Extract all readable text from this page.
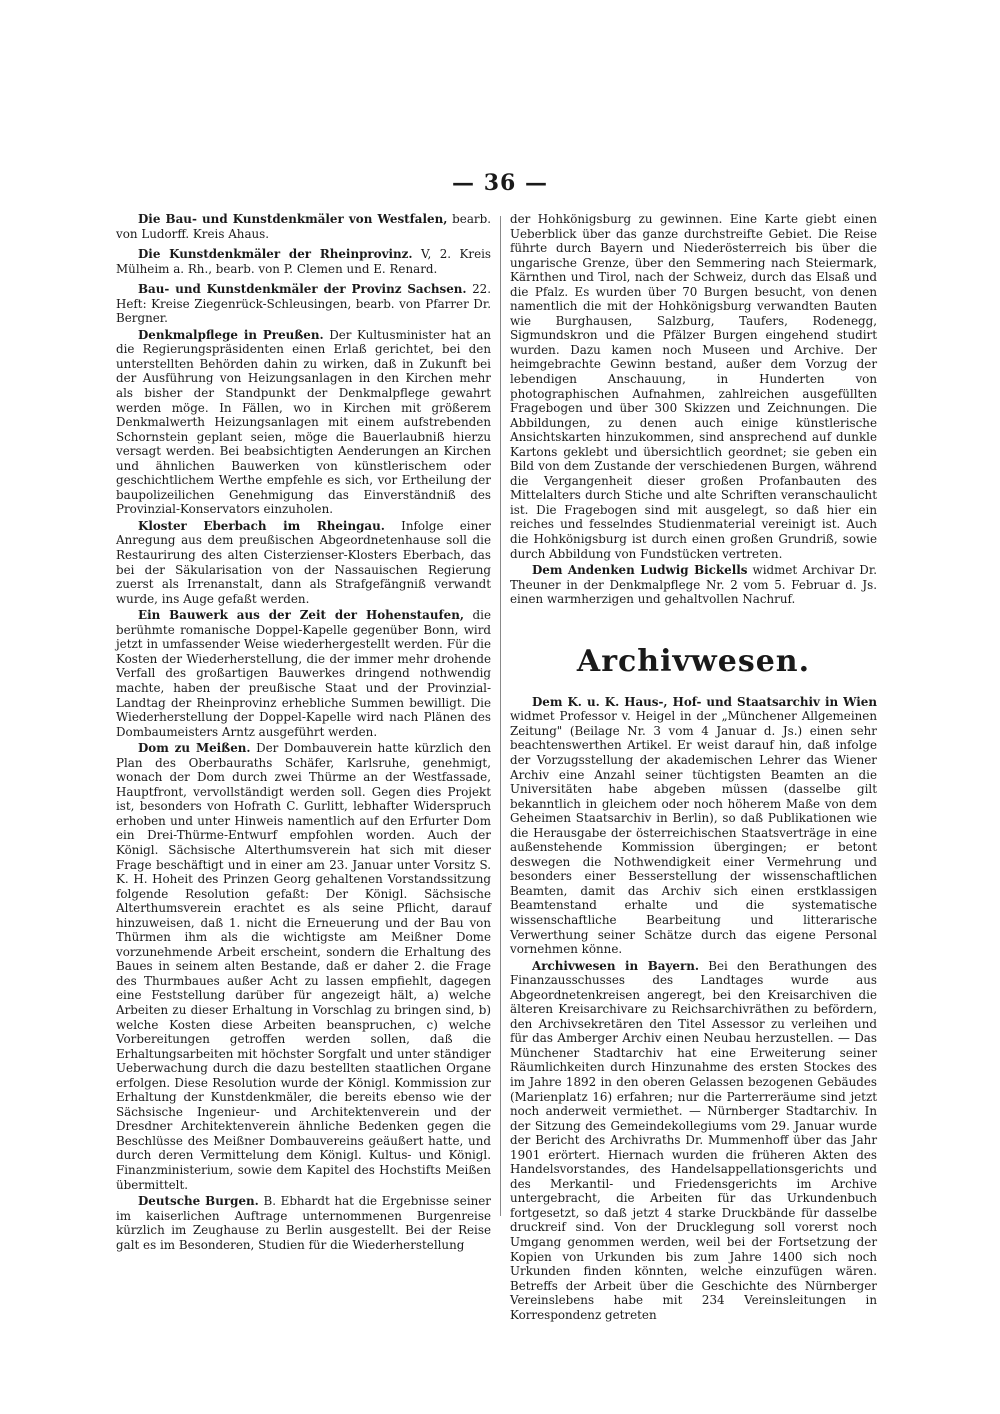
— 36 —

Die Bau- und Kunstdenkmäler von Westfalen, bearb. von Ludorff. Kreis Ahaus.

Die Kunstdenkmäler der Rheinprovinz. V, 2. Kreis Mülheim a. Rh., bearb. von P. Clemen und E. Renard.

Bau- und Kunstdenkmäler der Provinz Sachsen. 22. Heft: Kreise Ziegenrück-Schleusingen, bearb. von Pfarrer Dr. Bergner.

Denkmalpflege in Preußen. Der Kultusminister hat an die Regierungspräsidenten einen Erlaß gerichtet, bei den unterstellten Behörden dahin zu wirken, daß in Zukunft bei der Ausführung von Heizungsanlagen in den Kirchen mehr als bisher der Standpunkt der Denkmalpflege gewahrt werden möge. In Fällen, wo in Kirchen mit größerem Denkmalwerth Heizungsanlagen mit einem aufstrebenden Schornstein geplant seien, möge die Bauerlaubniß hierzu versagt werden. Bei beabsichtigten Aenderungen an Kirchen und ähnlichen Bauwerken von künstlerischem oder geschichtlichem Werthe empfehle es sich, vor Ertheilung der baupolizeilichen Genehmigung das Einverständniß des Provinzial-Konservators einzuholen.

Kloster Eberbach im Rheingau. Infolge einer Anregung aus dem preußischen Abgeordnetenhause soll die Restaurirung des alten Cisterzienser-Klosters Eberbach, das bei der Säkularisation von der Nassauischen Regierung zuerst als Irrenanstalt, dann als Strafgefängniß verwandt wurde, ins Auge gefaßt werden.

Ein Bauwerk aus der Zeit der Hohenstaufen, die berühmte romanische Doppel-Kapelle gegenüber Bonn, wird jetzt in umfassender Weise wiederhergestellt werden. Für die Kosten der Wiederherstellung, die der immer mehr drohende Verfall des großartigen Bauwerkes dringend nothwendig machte, haben der preußische Staat und der Provinzial-Landtag der Rheinprovinz erhebliche Summen bewilligt. Die Wiederherstellung der Doppel-Kapelle wird nach Plänen des Dombaumeisters Arntz ausgeführt werden.

Dom zu Meißen. Der Dombauverein hatte kürzlich den Plan des Oberbauraths Schäfer, Karlsruhe, genehmigt, wonach der Dom durch zwei Thürme an der Westfassade, Hauptfront, vervollständigt werden soll. Gegen dies Projekt ist, besonders von Hofrath C. Gurlitt, lebhafter Widerspruch erhoben und unter Hinweis namentlich auf den Erfurter Dom ein Drei-Thürme-Entwurf empfohlen worden. Auch der Königl. Sächsische Alterthumsverein hat sich mit dieser Frage beschäftigt und in einer am 23. Januar unter Vorsitz S. K. H. Hoheit des Prinzen Georg gehaltenen Vorstandssitzung folgende Resolution gefaßt: Der Königl. Sächsische Alterthumsverein erachtet es als seine Pflicht, darauf hinzuweisen, daß 1. nicht die Erneuerung und der Bau von Thürmen ihm als die wichtigste am Meißner Dome vorzunehmende Arbeit erscheint, sondern die Erhaltung des Baues in seinem alten Bestande, daß er daher 2. die Frage des Thurmbaues außer Acht zu lassen empfiehlt, dagegen eine Feststellung darüber für angezeigt hält, a) welche Arbeiten zu dieser Erhaltung in Vorschlag zu bringen sind, b) welche Kosten diese Arbeiten beanspruchen, c) welche Vorbereitungen getroffen werden sollen, daß die Erhaltungsarbeiten mit höchster Sorgfalt und unter ständiger Ueberwachung durch die dazu bestellten staatlichen Organe erfolgen. Diese Resolution wurde der Königl. Kommission zur Erhaltung der Kunstdenkmäler, die bereits ebenso wie der Sächsische Ingenieur- und Architektenverein und der Dresdner Architektenverein ähnliche Bedenken gegen die Beschlüsse des Meißner Dombauvereins geäußert hatte, und durch deren Vermittelung dem Königl. Kultus- und Königl. Finanzministerium, sowie dem Kapitel des Hochstifts Meißen übermittelt.

Deutsche Burgen. B. Ebhardt hat die Ergebnisse seiner im kaiserlichen Auftrage unternommenen Burgenreise kürzlich im Zeughause zu Berlin ausgestellt. Bei der Reise galt es im Besonderen, Studien für die Wiederherstellung

der Hohkönigsburg zu gewinnen. Eine Karte giebt einen Ueberblick über das ganze durchstreifte Gebiet. Die Reise führte durch Bayern und Niederösterreich bis über die ungarische Grenze, über den Semmering nach Steiermark, Kärnthen und Tirol, nach der Schweiz, durch das Elsaß und die Pfalz. Es wurden über 70 Burgen besucht, von denen namentlich die mit der Hohkönigsburg verwandten Bauten wie Burghausen, Salzburg, Taufers, Rodenegg, Sigmundskron und die Pfälzer Burgen eingehend studirt wurden. Dazu kamen noch Museen und Archive. Der heimgebrachte Gewinn bestand, außer dem Vorzug der lebendigen Anschauung, in Hunderten von photographischen Aufnahmen, zahlreichen ausgefüllten Fragebogen und über 300 Skizzen und Zeichnungen. Die Abbildungen, zu denen auch einige künstlerische Ansichtskarten hinzukommen, sind ansprechend auf dunkle Kartons geklebt und übersichtlich geordnet; sie geben ein Bild von dem Zustande der verschiedenen Burgen, während die Vergangenheit dieser großen Profanbauten des Mittelalters durch Stiche und alte Schriften veranschaulicht ist. Die Fragebogen sind mit ausgelegt, so daß hier ein reiches und fesselndes Studienmaterial vereinigt ist. Auch die Hohkönigsburg ist durch einen großen Grundriß, sowie durch Abbildung von Fundstücken vertreten.

Dem Andenken Ludwig Bickells widmet Archivar Dr. Theuner in der Denkmalpflege Nr. 2 vom 5. Februar d. Js. einen warmherzigen und gehaltvollen Nachruf.

Archivwesen.

Dem K. u. K. Haus-, Hof- und Staatsarchiv in Wien widmet Professor v. Heigel in der „Münchener Allgemeinen Zeitung" (Beilage Nr. 3 vom 4 Januar d. Js.) einen sehr beachtenswerthen Artikel. Er weist darauf hin, daß infolge der Vorzugsstellung der akademischen Lehrer das Wiener Archiv eine Anzahl seiner tüchtigsten Beamten an die Universitäten habe abgeben müssen (dasselbe gilt bekanntlich in gleichem oder noch höherem Maße von dem Geheimen Staatsarchiv in Berlin), so daß Publikationen wie die Herausgabe der österreichischen Staatsverträge in eine außenstehende Kommission übergingen; er betont deswegen die Nothwendigkeit einer Vermehrung und besonders einer Besserstellung der wissenschaftlichen Beamten, damit das Archiv sich einen erstklassigen Beamtenstand erhalte und die systematische wissenschaftliche Bearbeitung und litterarische Verwerthung seiner Schätze durch das eigene Personal vornehmen könne.

Archivwesen in Bayern. Bei den Berathungen des Finanzausschusses des Landtages wurde aus Abgeordnetenkreisen angeregt, bei den Kreisarchiven die älteren Kreisarchivare zu Reichsarchivräthen zu befördern, den Archivsekretären den Titel Assessor zu verleihen und für das Amberger Archiv einen Neubau herzustellen. — Das Münchener Stadtarchiv hat eine Erweiterung seiner Räumlichkeiten durch Hinzunahme des ersten Stockes des im Jahre 1892 in den oberen Gelassen bezogenen Gebäudes (Marienplatz 16) erfahren; nur die Parterreräume sind jetzt noch anderweit vermiethet. — Nürnberger Stadtarchiv. In der Sitzung des Gemeindekollegiums vom 29. Januar wurde der Bericht des Archivraths Dr. Mummenhoff über das Jahr 1901 erörtert. Hiernach wurden die früheren Akten des Handelsvorstandes, des Handelsappellationsgerichts und des Merkantil- und Friedensgerichts im Archive untergebracht, die Arbeiten für das Urkundenbuch fortgesetzt, so daß jetzt 4 starke Druckbände für dasselbe druckreif sind. Von der Drucklegung soll vorerst noch Umgang genommen werden, weil bei der Fortsetzung der Kopien von Urkunden bis zum Jahre 1400 sich noch Urkunden finden könnten, welche einzufügen wären. Betreffs der Arbeit über die Geschichte des Nürnberger Vereinslebens habe mit 234 Vereinsleitungen in Korrespondenz getreten
